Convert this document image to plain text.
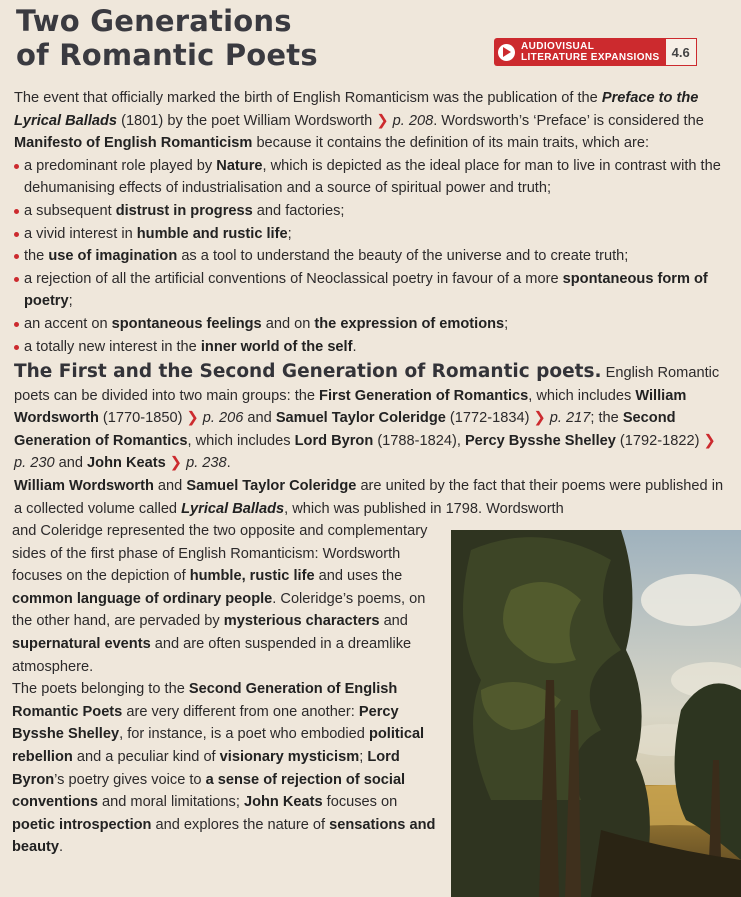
Two Generations
of Romantic Poets	AUDIOVISUAL
LITERATURE EXPANSIONS 4.6

The event that officially marked the birth of English Romanticism was the publication of the Preface to the Lyrical Ballads (1801) by the poet William Wordsworth ❯ p. 208. Wordsworth’s ‘Preface’ is considered the Manifesto of English Romanticism because it contains the definition of its main traits, which are:

a predominant role played by Nature, which is depicted as the ideal place for man to live in contrast with the dehumanising effects of industrialisation and a source of spiritual power and truth;
a subsequent distrust in progress and factories;
a vivid interest in humble and rustic life;
the use of imagination as a tool to understand the beauty of the universe and to create truth;
a rejection of all the artificial conventions of Neoclassical poetry in favour of a more spontaneous form of poetry;
an accent on spontaneous feelings and on the expression of emotions;
a totally new interest in the inner world of the self.

The First and the Second Generation of Romantic poets. English Romantic poets can be divided into two main groups: the First Generation of Romantics, which includes William Wordsworth (1770-1850) ❯ p. 206 and Samuel Taylor Coleridge (1772-1834) ❯ p. 217; the Second Generation of Romantics, which includes Lord Byron (1788-1824), Percy Bysshe Shelley (1792-1822) ❯ p. 230 and John Keats ❯ p. 238.

William Wordsworth and Samuel Taylor Coleridge are united by the fact that their poems were published in a collected volume called Lyrical Ballads, which was published in 1798. Wordsworth

and Coleridge represented the two opposite and complementary sides of the first phase of English Romanticism: Wordsworth focuses on the depiction of humble, rustic life and uses the common language of ordinary people. Coleridge’s poems, on the other hand, are pervaded by mysterious characters and supernatural events and are often suspended in a dreamlike atmosphere.

The poets belonging to the Second Generation of English Romantic Poets are very different from one another: Percy Bysshe Shelley, for instance, is a poet who embodied political rebellion and a peculiar kind of visionary mysticism; Lord Byron’s poetry gives voice to a sense of rejection of social conventions and moral limitations; John Keats focuses on poetic introspection and explores the nature of sensations and beauty.
